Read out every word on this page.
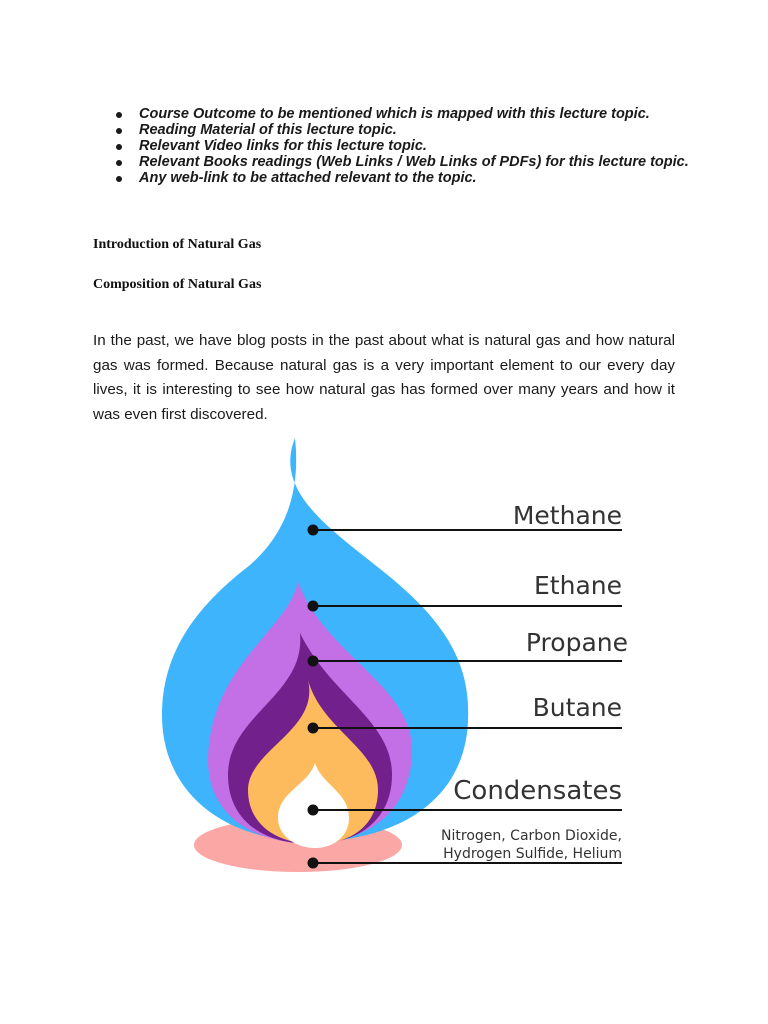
Course Outcome to be mentioned which is mapped with this lecture topic.
Reading Material of this lecture topic.
Relevant Video links for this lecture topic.
Relevant Books readings (Web Links / Web Links of PDFs) for this lecture topic.
Any web-link to be attached relevant to the topic.
Introduction of Natural Gas
Composition of Natural Gas

In the past, we have blog posts in the past about what is natural gas and how natural gas was formed. Because natural gas is a very important element to our every day lives, it is interesting to see how natural gas has formed over many years and how it was even first discovered.

Methane
Ethane
Propane
Butane
Condensates
Nitrogen, Carbon Dioxide,
Hydrogen Sulfide, Helium
